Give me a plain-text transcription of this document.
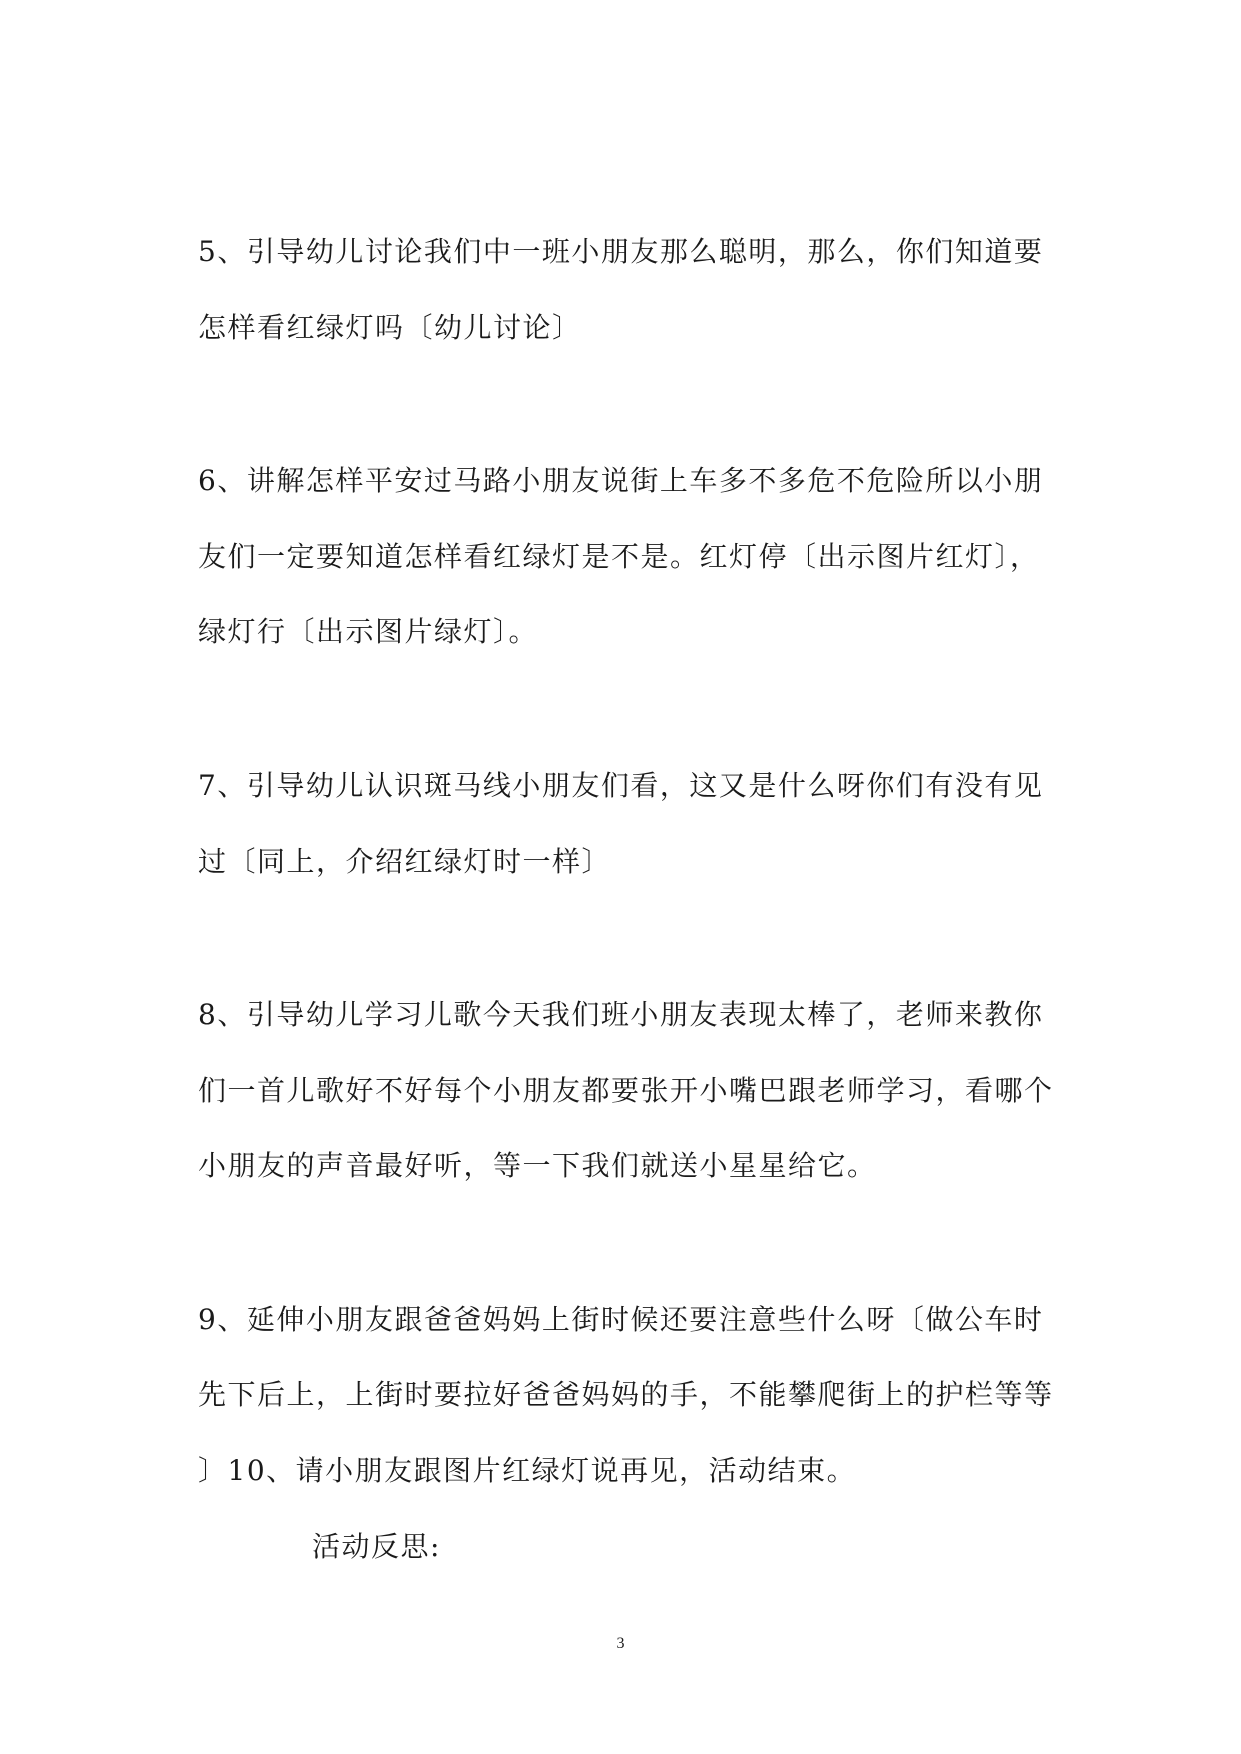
5、引导幼儿讨论我们中一班小朋友那么聪明，那么，你们知道要
怎样看红绿灯吗〔幼儿讨论〕
6、讲解怎样平安过马路小朋友说街上车多不多危不危险所以小朋
友们一定要知道怎样看红绿灯是不是。红灯停〔出示图片红灯〕，
绿灯行〔出示图片绿灯〕。
7、引导幼儿认识斑马线小朋友们看，这又是什么呀你们有没有见
过〔同上，介绍红绿灯时一样〕
8、引导幼儿学习儿歌今天我们班小朋友表现太棒了，老师来教你
们一首儿歌好不好每个小朋友都要张开小嘴巴跟老师学习，看哪个
小朋友的声音最好听，等一下我们就送小星星给它。
9、延伸小朋友跟爸爸妈妈上街时候还要注意些什么呀〔做公车时
先下后上，上街时要拉好爸爸妈妈的手，不能攀爬街上的护栏等等
〕10、请小朋友跟图片红绿灯说再见，活动结束。
活动反思:
3
